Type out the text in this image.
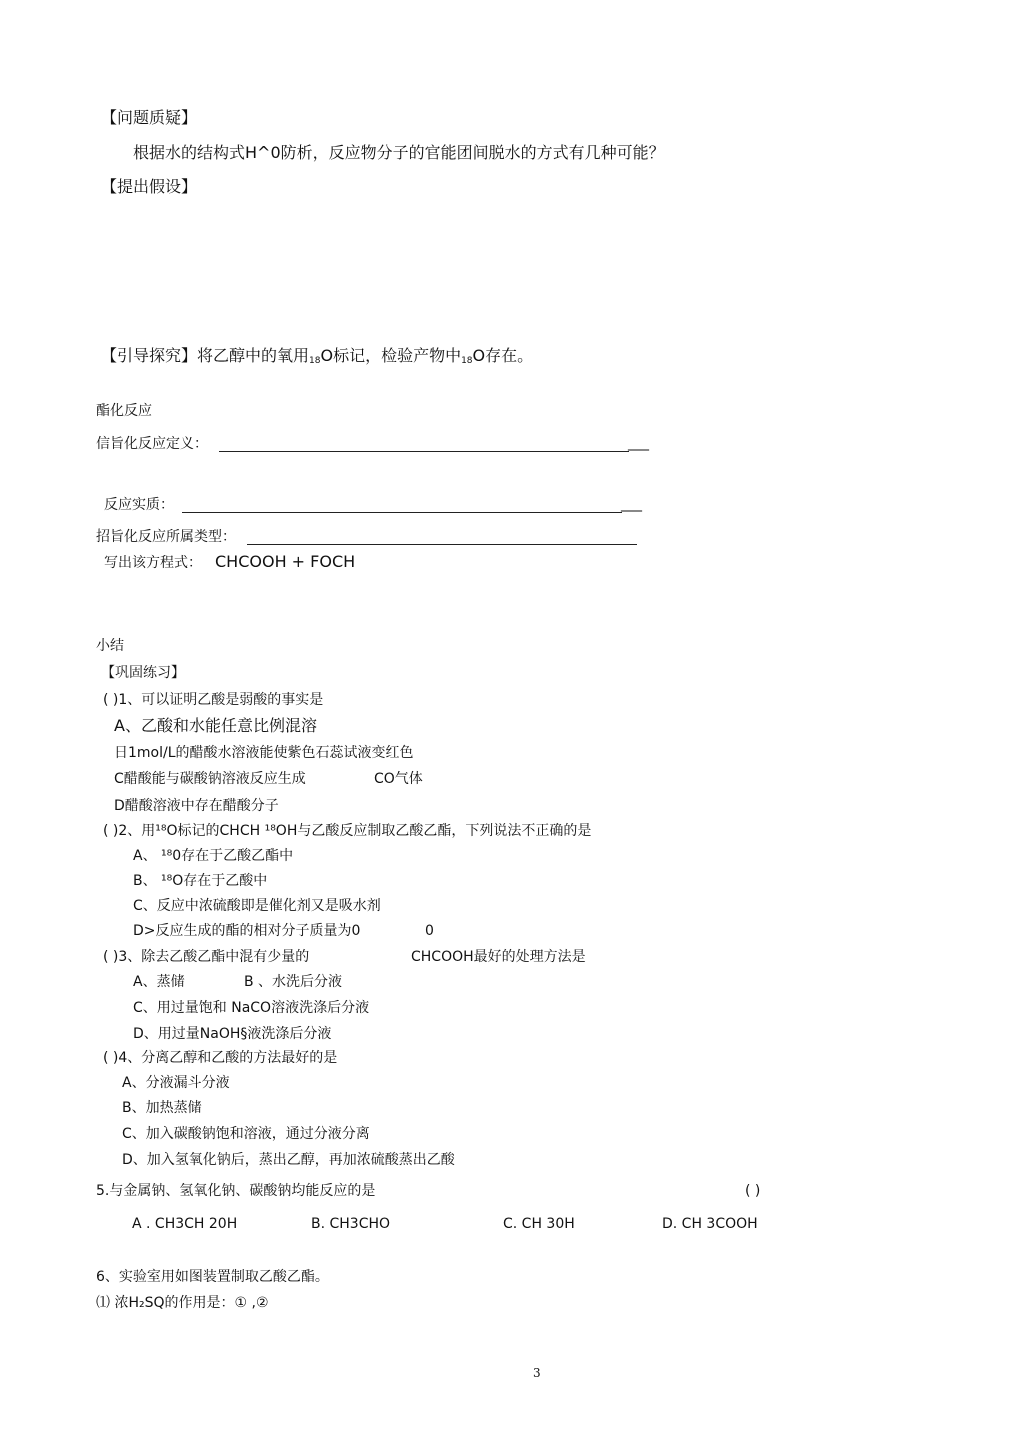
【问题质疑】
根据水的结构式H^0防析，反应物分子的官能团间脱水的方式有几种可能？
【提出假设】
【引导探究】将乙醇中的氧用$_{18}$O标记，检验产物中$_{18}$O存在。
酯化反应
信旨化反应定义：	___
反应实质：	___
招旨化反应所属类型：
写出该方程式： CHCOOH + FOCH
小结
【巩固练习】
( )1、可以证明乙酸是弱酸的事实是
A、乙酸和水能任意比例混溶
日1mol/L的醋酸水溶液能使紫色石蕊试液变红色
C醋酸能与碳酸钠溶液反应生成	CO气体
D醋酸溶液中存在醋酸分子
( )2、用¹⁸O标记的CHCH ¹⁸OH与乙酸反应制取乙酸乙酯，下列说法不正确的是
A、 ¹⁸0存在于乙酸乙酯中
B、 ¹⁸O存在于乙酸中
C、反应中浓硫酸即是催化剂又是吸水剂
D>反应生成的酯的相对分子质量为0	0
( )3、除去乙酸乙酯中混有少量的	CHCOOH最好的处理方法是
A、蒸储	B 、水洗后分液
C、用过量饱和 NaCO溶液洗涤后分液
D、用过量NaOH§液洗涤后分液
( )4、分离乙醇和乙酸的方法最好的是
A、分液漏斗分液
B、加热蒸储
C、加入碳酸钠饱和溶液，通过分液分离
D、加入氢氧化钠后，蒸出乙醇，再加浓硫酸蒸出乙酸
5.与金属钠、氢氧化钠、碳酸钠均能反应的是	( )
A . CH3CH 20H	B. CH3CHO	C. CH 30H	D. CH 3COOH
6、实验室用如图装置制取乙酸乙酯。
⑴ 浓H₂SQ的作用是：① ,②
3
